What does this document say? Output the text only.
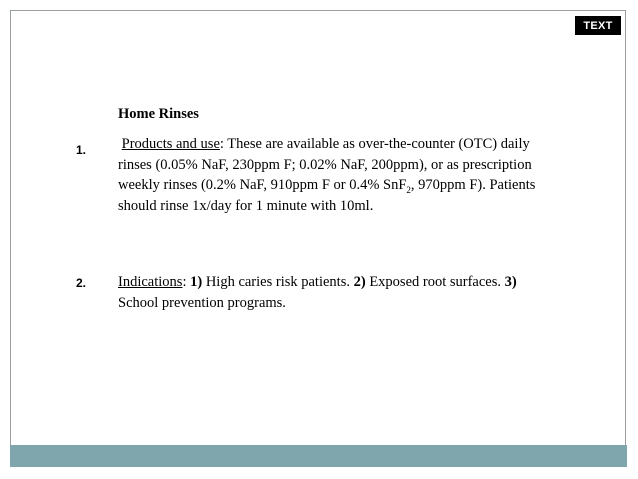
TEXT
Home Rinses
1. Products and use: These are available as over-the-counter (OTC) daily rinses (0.05% NaF, 230ppm F; 0.02% NaF, 200ppm), or as prescription weekly rinses (0.2% NaF, 910ppm F or 0.4% SnF$_2$, 970ppm F). Patients should rinse 1x/day for 1 minute with 10ml.

2. Indications: 1) High caries risk patients. 2) Exposed root surfaces. 3) School prevention programs.
